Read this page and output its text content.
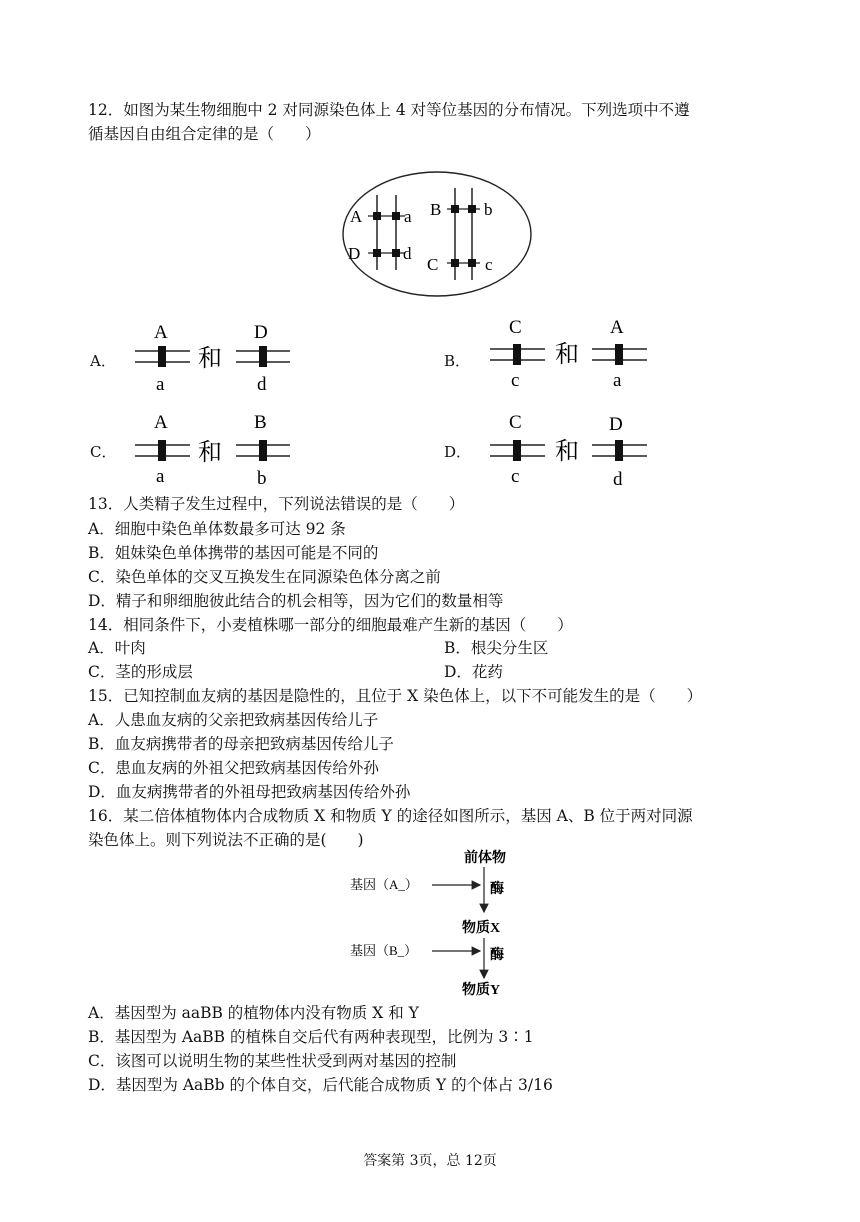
12．如图为某生物细胞中 2 对同源染色体上 4 对等位基因的分布情况。下列选项中不遵
循基因自由组合定律的是（　　）
A a
D	d
B	b
C	c
A．
A
a
和
D
d
B．
C
c
和
A
a
C．
A
a
和
B
b
D．
C
c
和
D
d
13．人类精子发生过程中，下列说法错误的是（　　）
A．细胞中染色单体数最多可达 92 条
B．姐妹染色单体携带的基因可能是不同的
C．染色单体的交叉互换发生在同源染色体分离之前
D．精子和卵细胞彼此结合的机会相等，因为它们的数量相等
14．相同条件下，小麦植株哪一部分的细胞最难产生新的基因（　　）
A．叶肉	B．根尖分生区
C．茎的形成层	D．花药
15．已知控制血友病的基因是隐性的，且位于 X 染色体上，以下不可能发生的是（　　）
A．人患血友病的父亲把致病基因传给儿子
B．血友病携带者的母亲把致病基因传给儿子
C．患血友病的外祖父把致病基因传给外孙
D．血友病携带者的外祖母把致病基因传给外孙
16．某二倍体植物体内合成物质 X 和物质 Y 的途径如图所示，基因 A、B 位于两对同源
染色体上。则下列说法不正确的是(　　)
前体物
基因（A_）	酶
物质X
基因（B_）	酶
物质Y
A．基因型为 aaBB 的植物体内没有物质 X 和 Y
B．基因型为 AaBB 的植株自交后代有两种表现型，比例为 3∶1
C．该图可以说明生物的某些性状受到两对基因的控制
D．基因型为 AaBb 的个体自交，后代能合成物质 Y 的个体占 3/16
答案第 3页，总 12页
